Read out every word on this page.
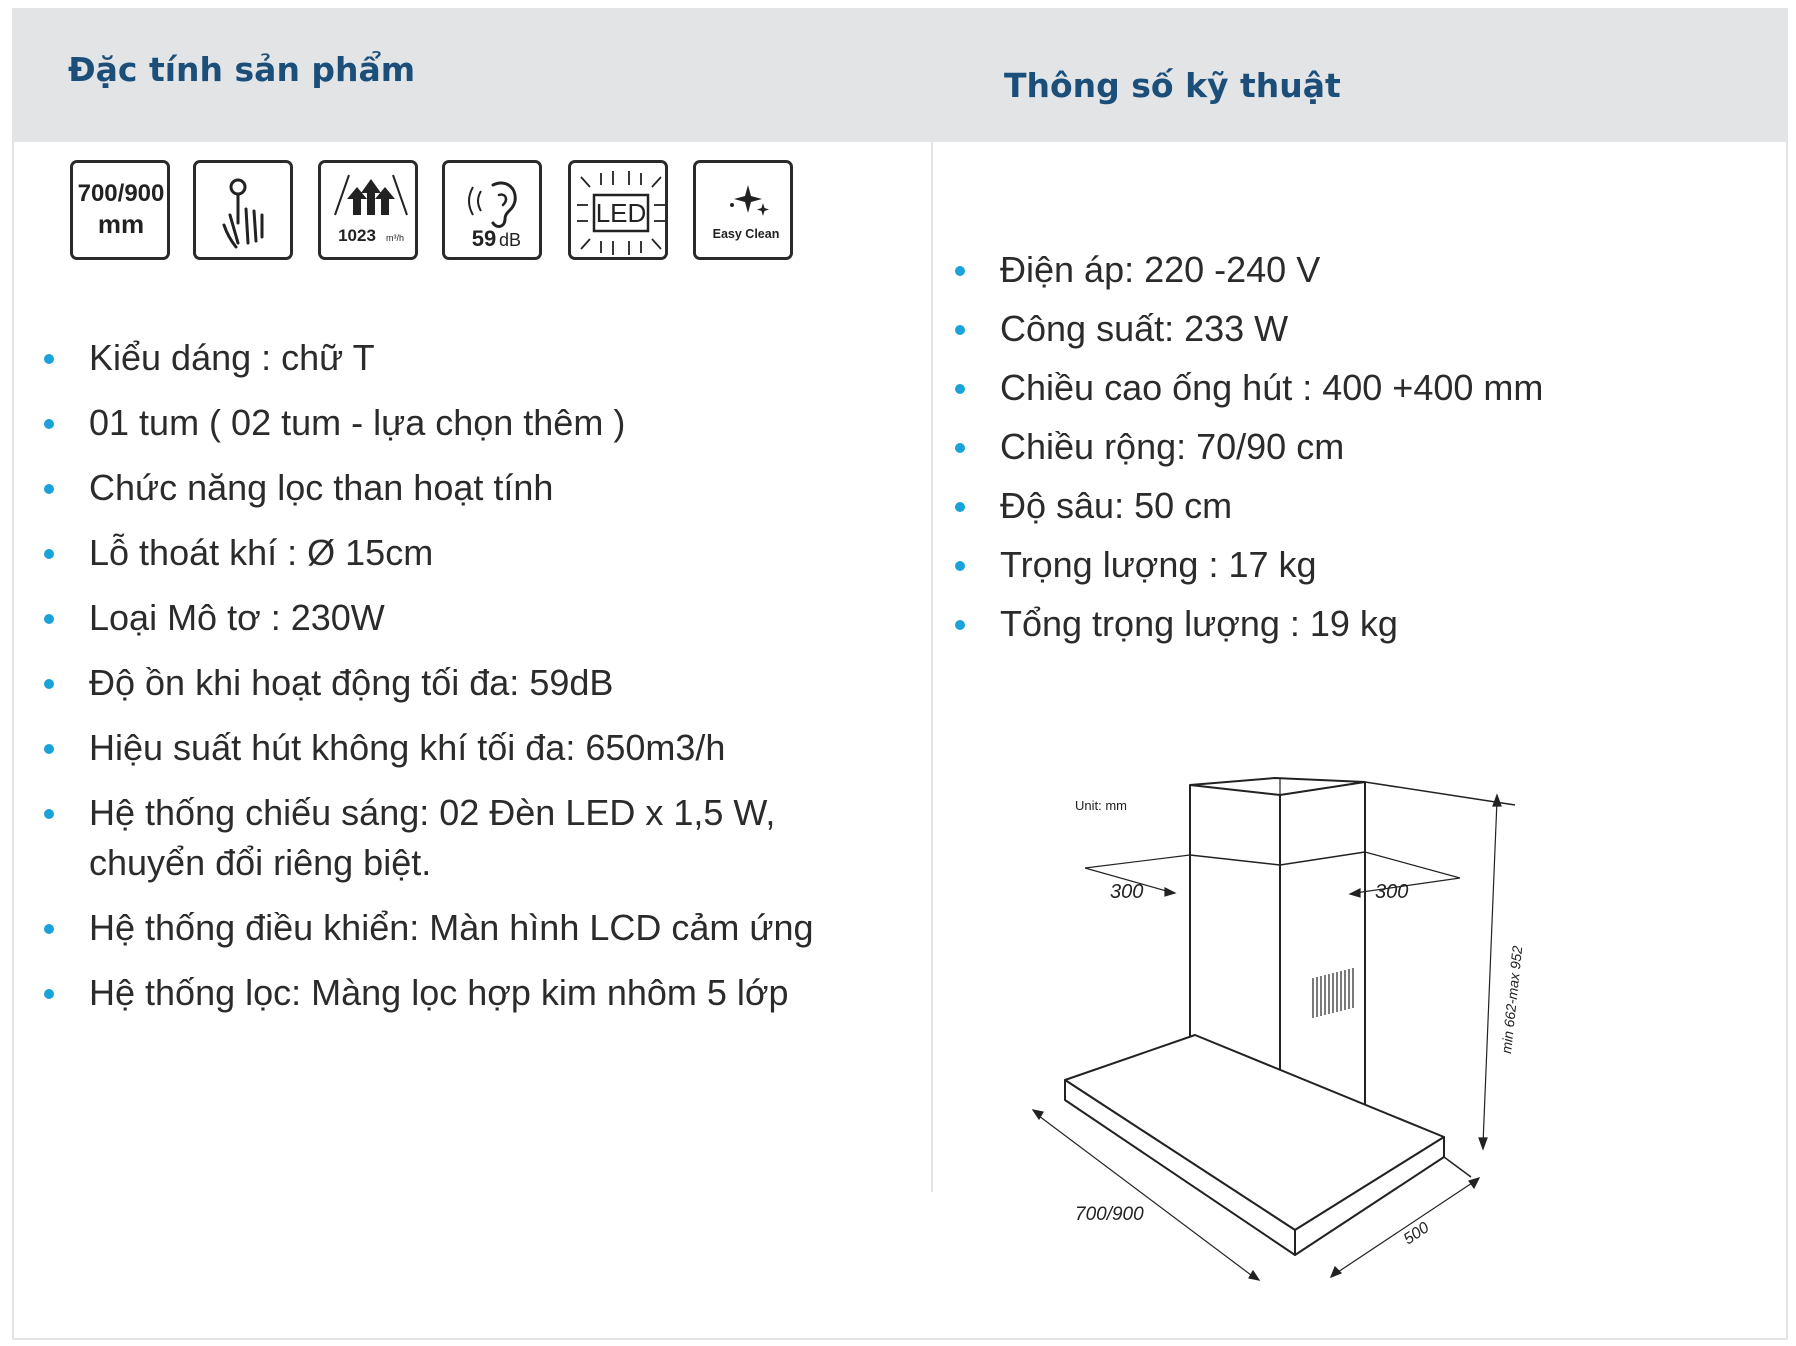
Đặc tính sản phẩm	Thông số kỹ thuật
700/900
mm	1023 m³/h	59 dB
LED
Easy Clean
Kiểu dáng : chữ T
01 tum ( 02 tum - lựa chọn thêm )
Chức năng lọc than hoạt tính
Lỗ thoát khí : Ø 15cm
Loại Mô tơ : 230W
Độ ồn khi hoạt động tối đa: 59dB
Hiệu suất hút không khí tối đa: 650m3/h
Hệ thống chiếu sáng: 02 Đèn LED x 1,5 W,
chuyển đổi riêng biệt.
Hệ thống điều khiển: Màn hình LCD cảm ứng
Hệ thống lọc: Màng lọc hợp kim nhôm 5 lớp
Điện áp: 220 -240 V
Công suất: 233 W
Chiều cao ống hút : 400 +400 mm
Chiều rộng: 70/90 cm
Độ sâu: 50 cm
Trọng lượng : 17 kg
Tổng trọng lượng : 19 kg
Unit: mm
300	300
min 662-max 952
700/900
500
